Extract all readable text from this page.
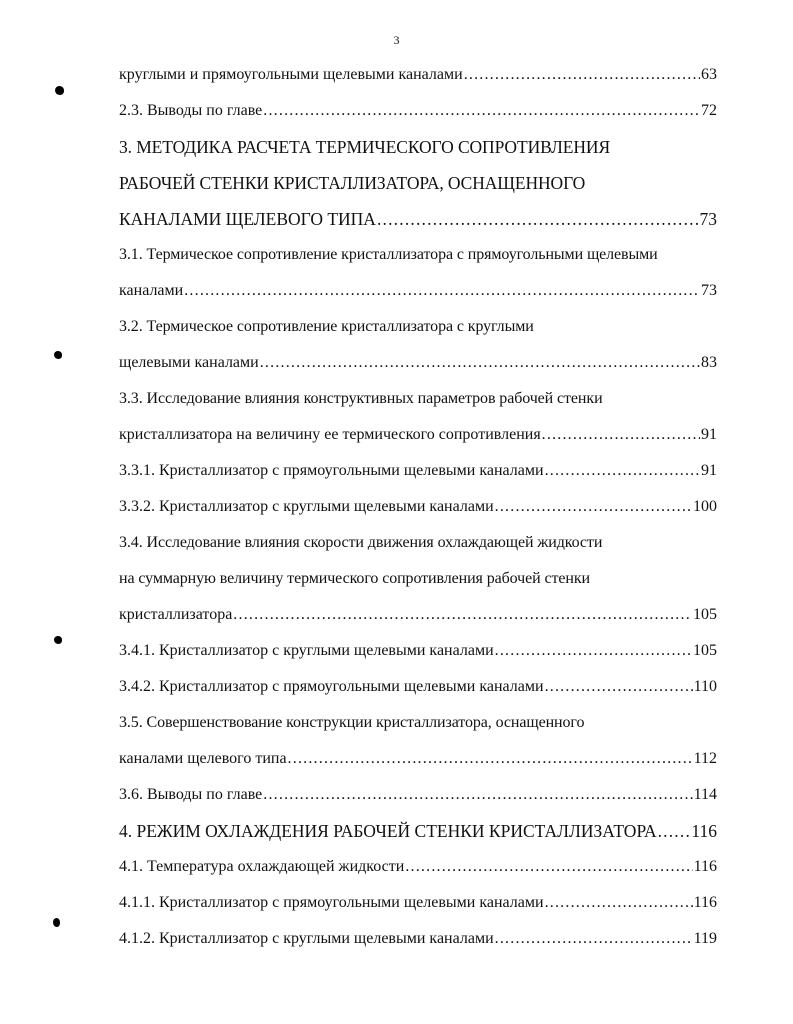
3
круглыми и прямоугольными щелевыми каналами .....	63
2.3. Выводы по главе .....	72
3. МЕТОДИКА РАСЧЕТА ТЕРМИЧЕСКОГО СОПРОТИВЛЕНИЯ
РАБОЧЕЙ СТЕНКИ КРИСТАЛЛИЗАТОРА, ОСНАЩЕННОГО
КАНАЛАМИ ЩЕЛЕВОГО ТИПА .....	73
3.1. Термическое сопротивление кристаллизатора с прямоугольными щелевыми
каналами .....	73
3.2. Термическое сопротивление кристаллизатора с круглыми
щелевыми каналами .....	83
3.3. Исследование влияния конструктивных параметров рабочей стенки
кристаллизатора на величину ее термического сопротивления .....	91
3.3.1. Кристаллизатор с прямоугольными щелевыми каналами .....	91
3.3.2. Кристаллизатор с круглыми щелевыми каналами .....	100
3.4. Исследование влияния скорости движения охлаждающей жидкости
на суммарную величину термического сопротивления рабочей стенки
кристаллизатора .....	105
3.4.1. Кристаллизатор с круглыми щелевыми каналами .....	105
3.4.2. Кристаллизатор с прямоугольными щелевыми каналами .....	110
3.5. Совершенствование конструкции кристаллизатора, оснащенного
каналами щелевого типа .....	112
3.6. Выводы по главе .....	114
4. РЕЖИМ ОХЛАЖДЕНИЯ РАБОЧЕЙ СТЕНКИ КРИСТАЛЛИЗАТОРА ..... 116
4.1. Температура охлаждающей жидкости .....	116
4.1.1. Кристаллизатор с прямоугольными щелевыми каналами .....	116
4.1.2. Кристаллизатор с круглыми щелевыми каналами .....	119
